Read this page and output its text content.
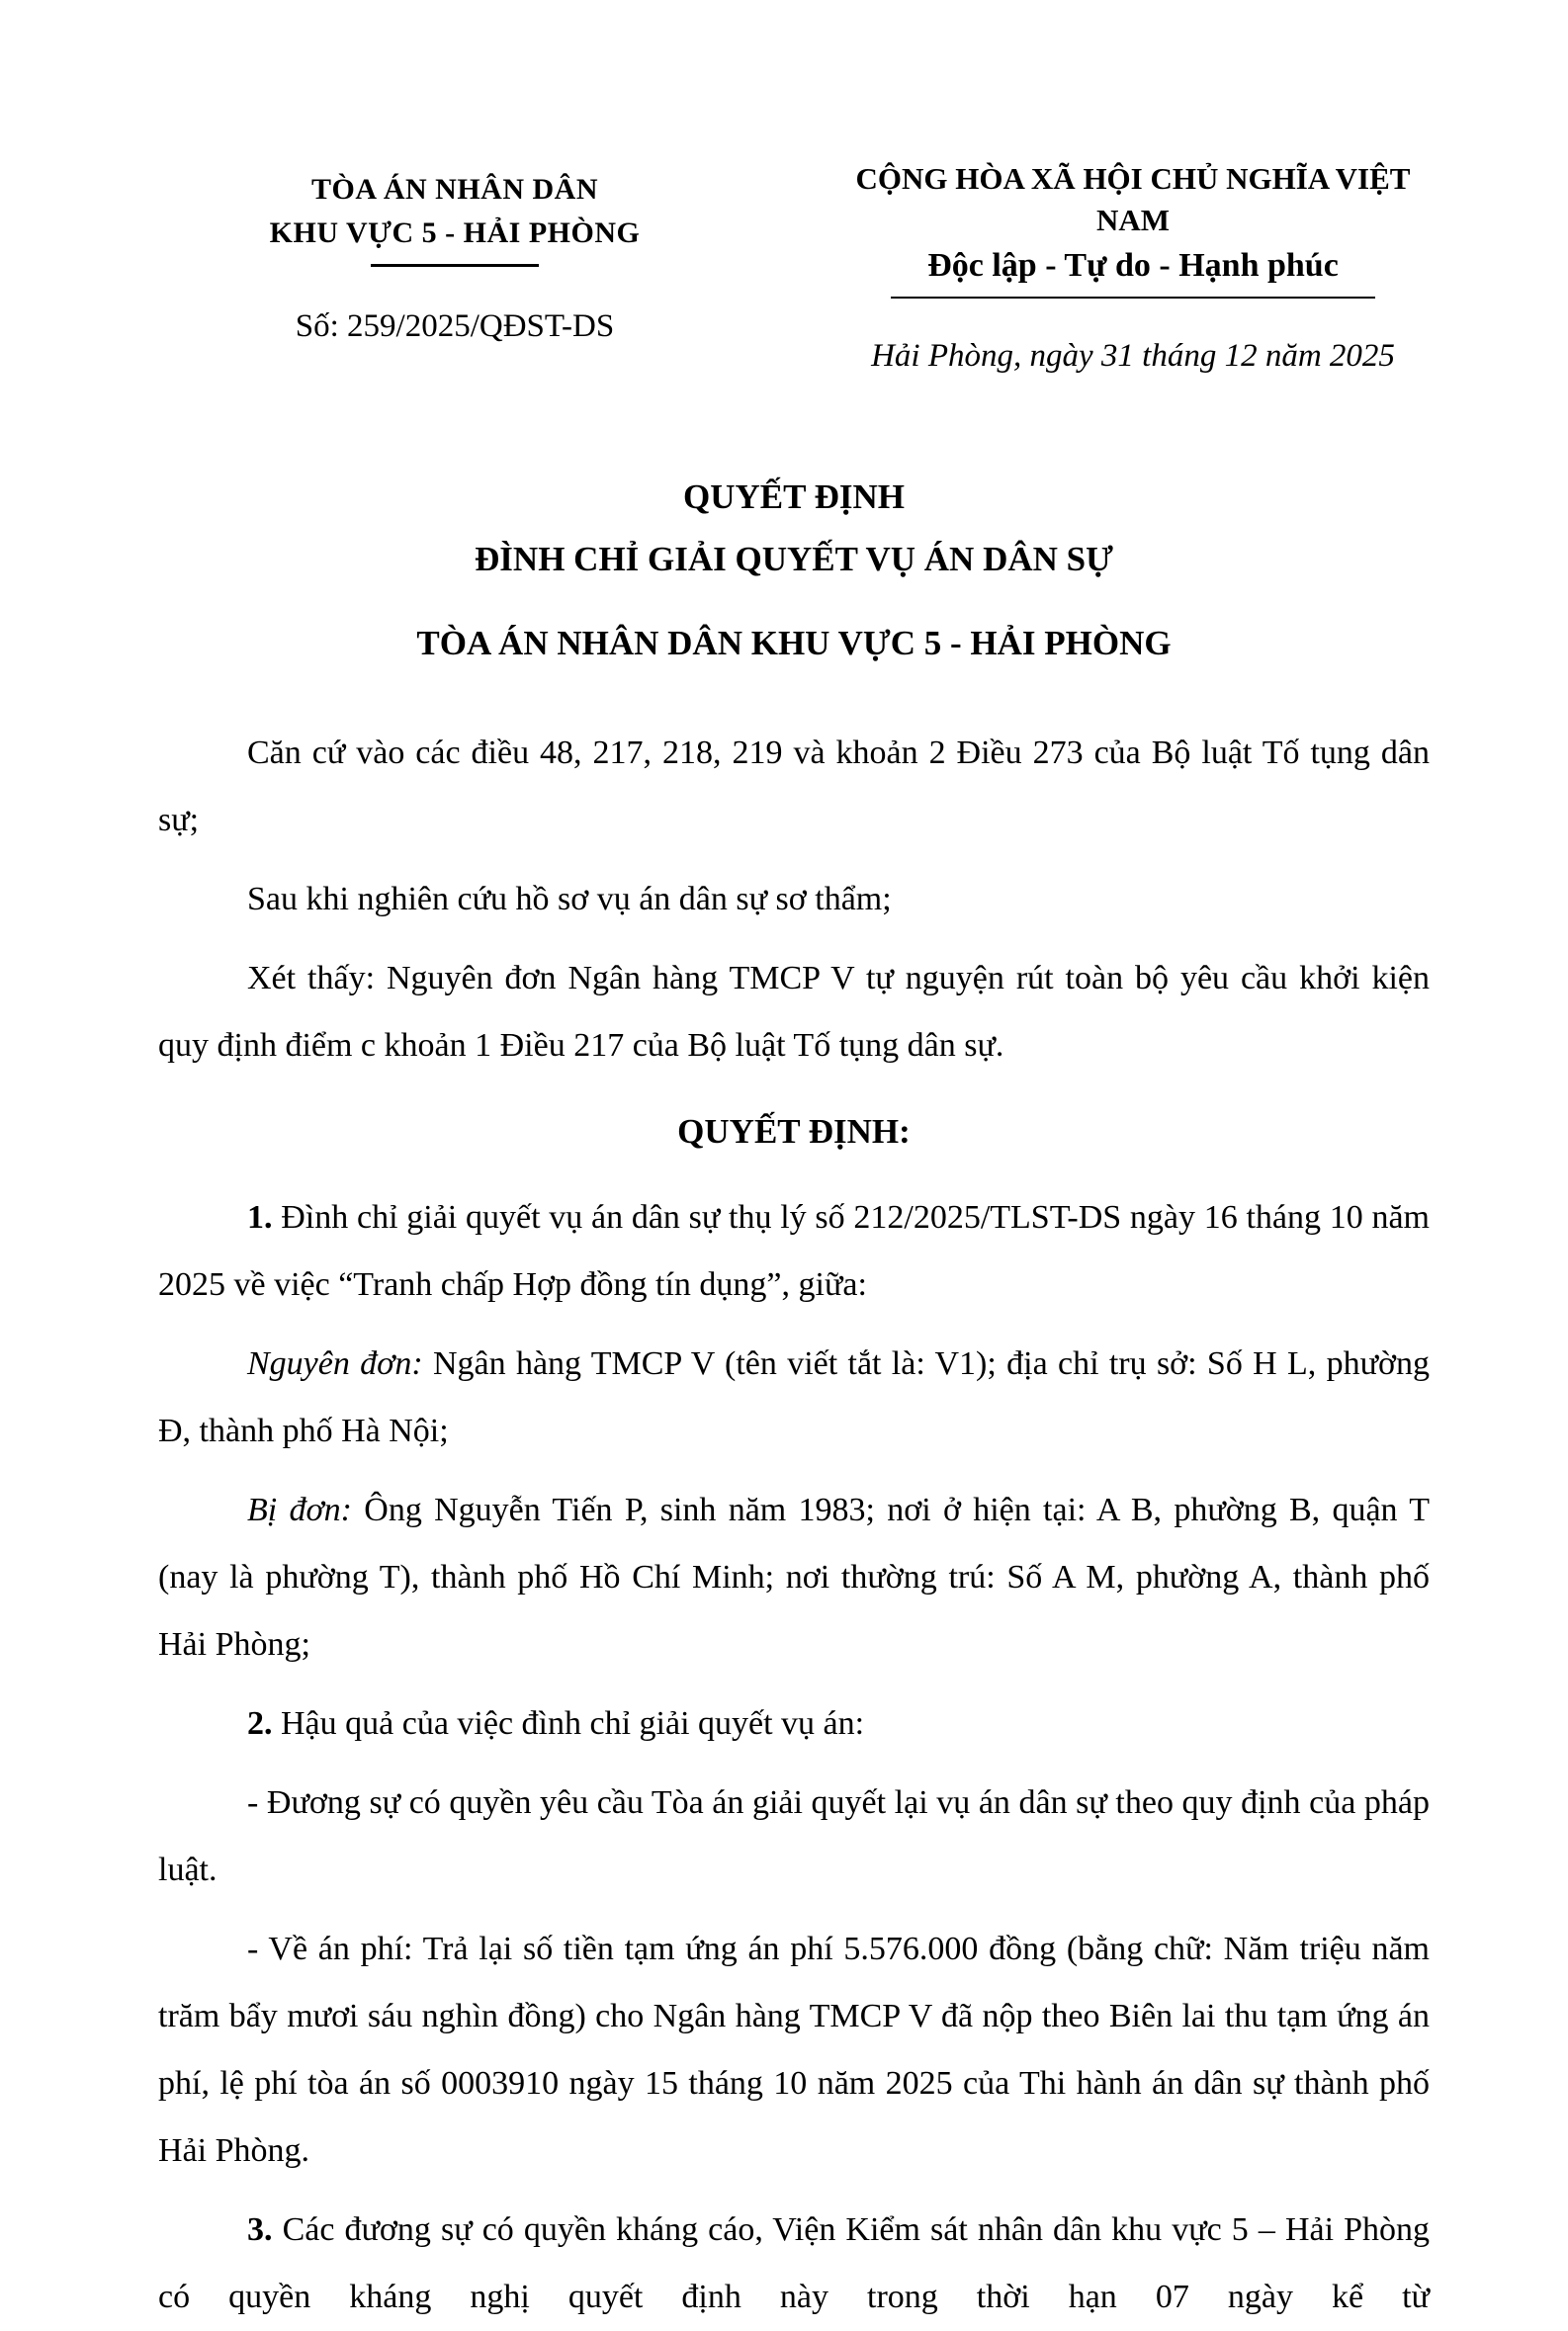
TÒA ÁN NHÂN DÂN
KHU VỰC 5 - HẢI PHÒNG
Số: 259/2025/QĐST-DS
CỘNG HÒA XÃ HỘI CHỦ NGHĨA VIỆT NAM
Độc lập - Tự do - Hạnh phúc
Hải Phòng, ngày 31 tháng 12 năm 2025
QUYẾT ĐỊNH
ĐÌNH CHỈ GIẢI QUYẾT VỤ ÁN DÂN SỰ
TÒA ÁN NHÂN DÂN KHU VỰC 5 - HẢI PHÒNG

Căn cứ vào các điều 48, 217, 218, 219 và khoản 2 Điều 273 của Bộ luật Tố tụng dân sự;

Sau khi nghiên cứu hồ sơ vụ án dân sự sơ thẩm;

Xét thấy: Nguyên đơn Ngân hàng TMCP V tự nguyện rút toàn bộ yêu cầu khởi kiện quy định điểm c khoản 1 Điều 217 của Bộ luật Tố tụng dân sự.

QUYẾT ĐỊNH:

1. Đình chỉ giải quyết vụ án dân sự thụ lý số 212/2025/TLST-DS ngày 16 tháng 10 năm 2025 về việc “Tranh chấp Hợp đồng tín dụng”, giữa:

Nguyên đơn: Ngân hàng TMCP V (tên viết tắt là: V1); địa chỉ trụ sở: Số H L, phường Đ, thành phố Hà Nội;

Bị đơn: Ông Nguyễn Tiến P, sinh năm 1983; nơi ở hiện tại: A B, phường B, quận T (nay là phường T), thành phố Hồ Chí Minh; nơi thường trú: Số A M, phường A, thành phố Hải Phòng;

2. Hậu quả của việc đình chỉ giải quyết vụ án:

- Đương sự có quyền yêu cầu Tòa án giải quyết lại vụ án dân sự theo quy định của pháp luật.

- Về án phí: Trả lại số tiền tạm ứng án phí 5.576.000 đồng (bằng chữ: Năm triệu năm trăm bẩy mươi sáu nghìn đồng) cho Ngân hàng TMCP V đã nộp theo Biên lai thu tạm ứng án phí, lệ phí tòa án số 0003910 ngày 15 tháng 10 năm 2025 của Thi hành án dân sự thành phố Hải Phòng.

3. Các đương sự có quyền kháng cáo, Viện Kiểm sát nhân dân khu vực 5 – Hải Phòng có quyền kháng nghị quyết định này trong thời hạn 07 ngày kể từ
